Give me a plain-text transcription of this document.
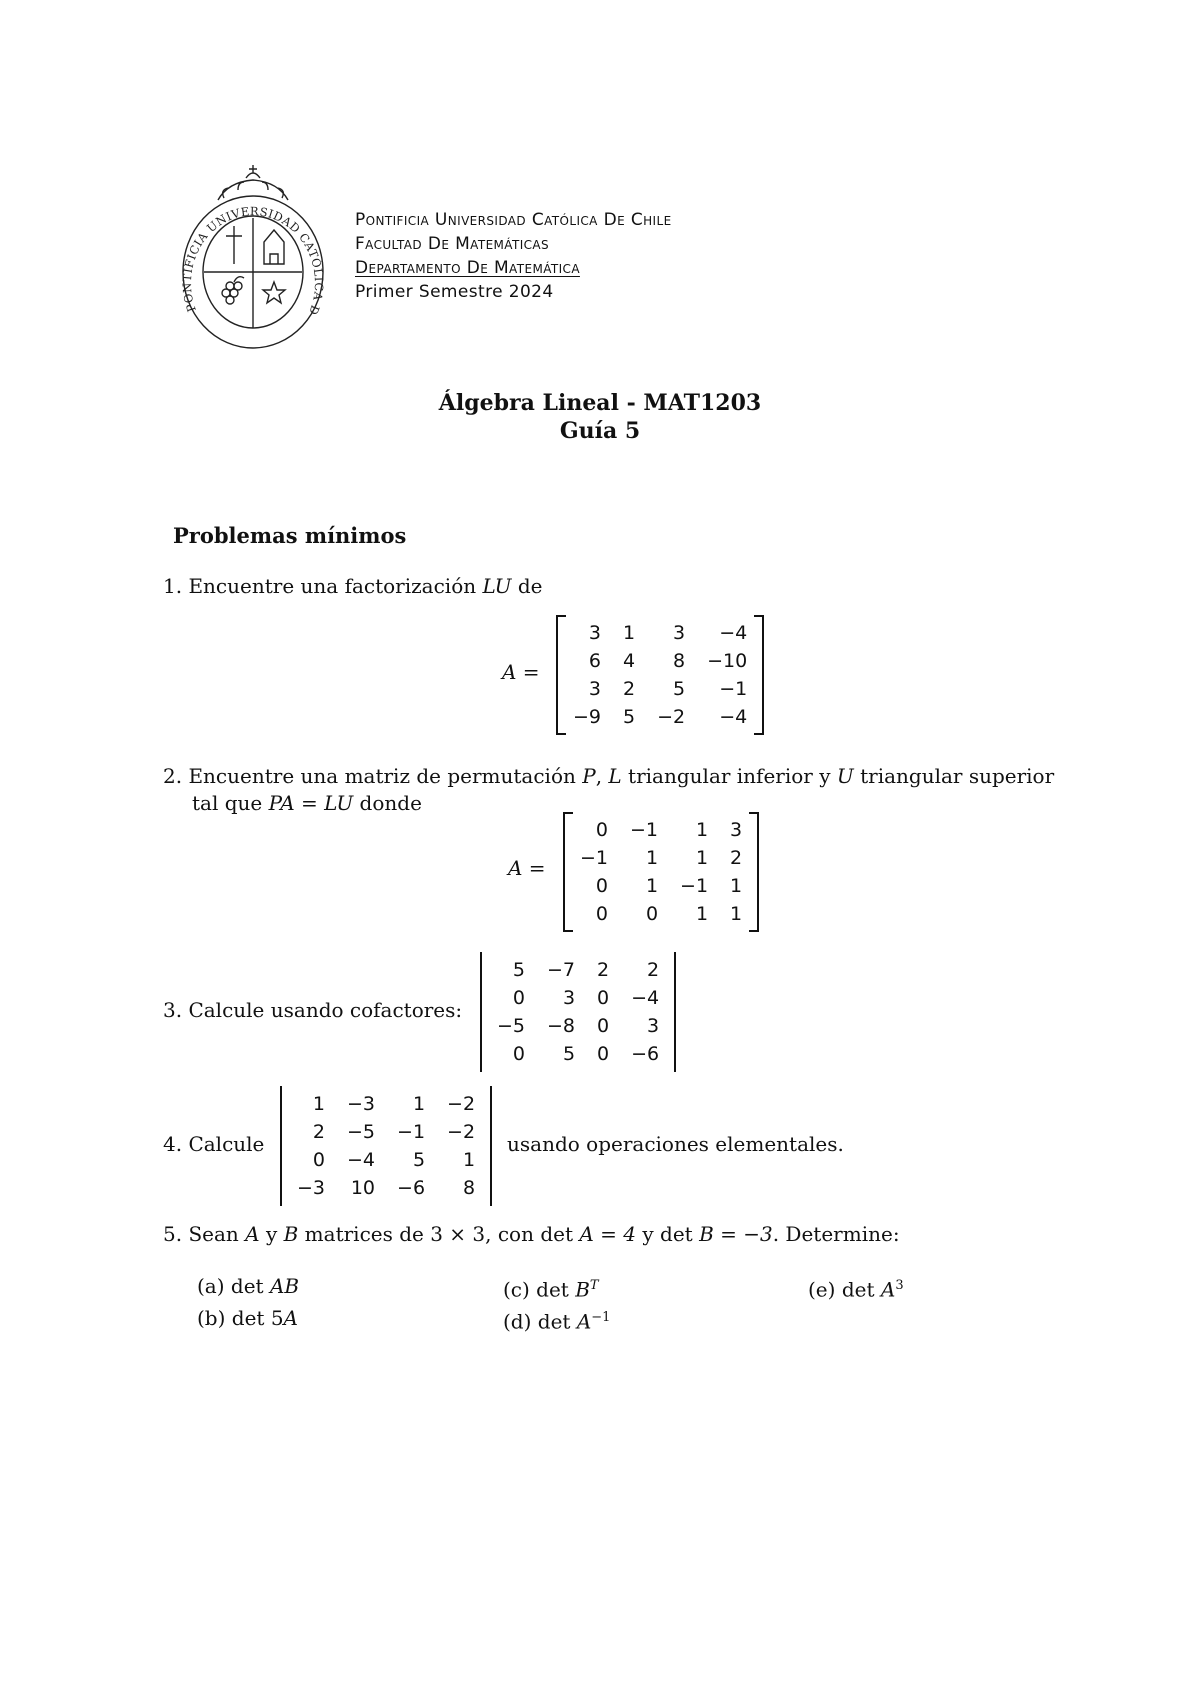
PONTIFICIA UNIVERSIDAD CATÓLICA D
Pontificia Universidad Católica De Chile
Facultad De Matemáticas
Departamento De Matemática
Primer Semestre 2024
Álgebra Lineal - MAT1203
Guía 5
Problemas mínimos
1. Encuentre una factorización LU de
A =
3	1	3	−4
6	4	8	−10
3	2	5	−1
−9	5	−2	−4
2. Encuentre una matriz de permutación P, L triangular inferior y U triangular superior
tal que PA = LU donde
A =
0	−1	1	3
−1	1	1	2
0	1	−1	1
0	0	1	1
3. Calcule usando cofactores:
5	−7	2	2
0	3	0	−4
−5	−8	0	3
0	5	0	−6
4. Calcule
1	−3	1	−2
2	−5	−1	−2
0	−4	5	1
−3	10	−6	8
usando operaciones elementales.
5. Sean A y B matrices de 3 × 3, con det A = 4 y det B = −3. Determine:
(a) det AB
(b) det 5A
(c) $\det B^T$
(d) $\det A^{-1}$
(e) $\det A^3$
